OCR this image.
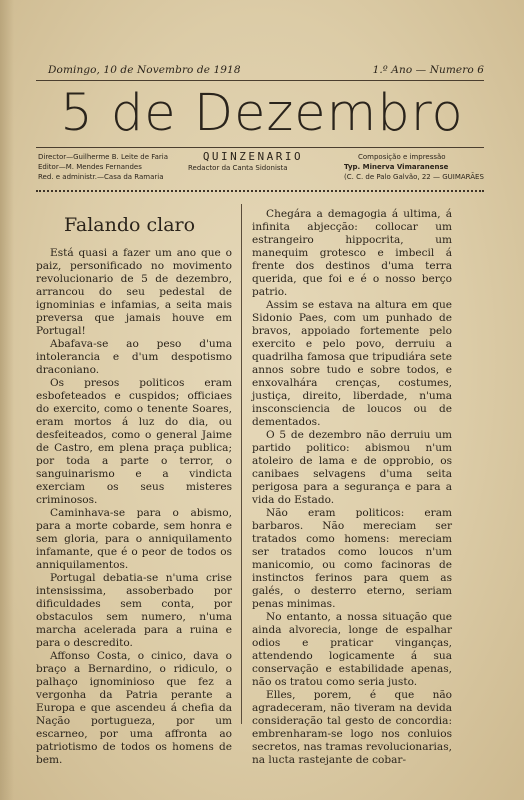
Domingo, 10 de Novembro de 1918	1.º Ano — Numero 6
5 de Dezembro
Director—Guilherme B. Leite de Faria
Editor—M. Mendes Fernandes
Red. e administr.—Casa da Ramaria
QUINZENARIO
Redactor da Canta Sidonista
Composição e impressão
Typ. Minerva Vimaranense
(C. C. de Palo Galvão, 22 — GUIMARÃES
Falando claro

Está quasi a fazer um ano que o paiz, personificado no movimento revolucionario de 5 de dezembro, arrancou do seu pedestal de ignominias e infamias, a seita mais preversa que jamais houve em Portugal!

Abafava-se ao peso d'uma intolerancia e d'um despotismo draconiano.

Os presos politicos eram esbofeteados e cuspidos; officiaes do exercito, como o tenente Soares, eram mortos á luz do dia, ou desfeiteados, como o general Jaime de Castro, em plena praça publica; por toda a parte o terror, o sanguinarismo e a vindicta exerciam os seus misteres criminosos.

Caminhava-se para o abismo, para a morte cobarde, sem honra e sem gloria, para o anniquilamento infamante, que é o peor de todos os anniquilamentos.

Portugal debatia-se n'uma crise intensissima, assoberbado por dificuldades sem conta, por obstaculos sem numero, n'uma marcha acelerada para a ruina e para o descredito.

Affonso Costa, o cinico, dava o braço a Bernardino, o ridiculo, o palhaço ignominioso que fez a vergonha da Patria perante a Europa e que ascendeu á chefia da Nação portugueza, por um escarneo, por uma affronta ao patriotismo de todos os homens de bem.

Chegára a demagogia á ultima, á infinita abjecção: collocar um estrangeiro hippocrita, um manequim grotesco e imbecil á frente dos destinos d'uma terra querida, que foi e é o nosso berço patrio.

Assim se estava na altura em que Sidonio Paes, com um punhado de bravos, appoiado fortemente pelo exercito e pelo povo, derruiu a quadrilha famosa que tripudiára sete annos sobre tudo e sobre todos, e enxovalhára crenças, costumes, justiça, direito, liberdade, n'uma insconsciencia de loucos ou de dementados.

O 5 de dezembro não derruiu um partido politico: abismou n'um atoleiro de lama e de opprobio, os canibaes selvagens d'uma seita perigosa para a segurança e para a vida do Estado.

Não eram politicos: eram barbaros. Não mereciam ser tratados como homens: mereciam ser tratados como loucos n'um manicomio, ou como facinoras de instinctos ferinos para quem as galés, o desterro eterno, seriam penas minimas.

No entanto, a nossa situação que ainda alvorecia, longe de espalhar odios e praticar vinganças, attendendo logicamente á sua conservação e estabilidade apenas, não os tratou como seria justo.

Elles, porem, é que não agradeceram, não tiveram na devida consideração tal gesto de concordia: embrenharam-se logo nos conluios secretos, nas tramas revolucionarias, na lucta rastejante de cobar-
